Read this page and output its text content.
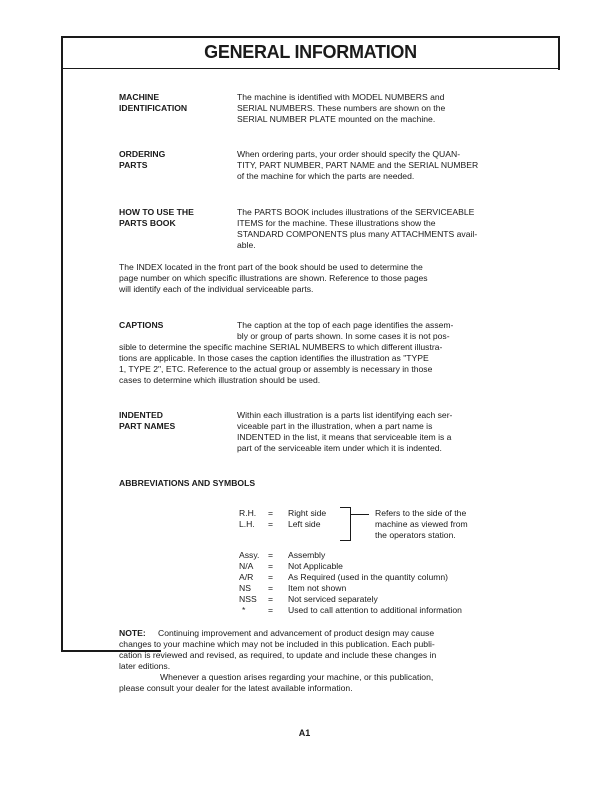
GENERAL INFORMATION
MACHINE
IDENTIFICATION
The machine is identified with MODEL NUMBERS and
SERIAL NUMBERS. These numbers are shown on the
SERIAL NUMBER PLATE mounted on the machine.
ORDERING
PARTS
When ordering parts, your order should specify the QUAN-
TITY, PART NUMBER, PART NAME and the SERIAL NUMBER
of the machine for which the parts are needed.
HOW TO USE THE
PARTS BOOK
The PARTS BOOK includes illustrations of the SERVICEABLE
ITEMS for the machine. These illustrations show the
STANDARD COMPONENTS plus many ATTACHMENTS avail-
able.
The INDEX located in the front part of the book should be used to determine the
page number on which specific illustrations are shown. Reference to those pages
will identify each of the individual serviceable parts.
CAPTIONS	The caption at the top of each page identifies the assem-
bly or group of parts shown. In some cases it is not pos-
sible to determine the specific machine SERIAL NUMBERS to which different illustra-
tions are applicable. In those cases the caption identifies the illustration as "TYPE
1, TYPE 2", ETC. Reference to the actual group or assembly is necessary in those
cases to determine which illustration should be used.
INDENTED
PART NAMES
Within each illustration is a parts list identifying each ser-
viceable part in the illustration, when a part name is
INDENTED in the list, it means that serviceable item is a
part of the serviceable item under which it is indented.
ABBREVIATIONS AND SYMBOLS
R.H. = Right side
L.H. = Left side
Refers to the side of the
machine as viewed from
the operators station.
Assy. = Assembly
N/A = Not Applicable
A/R = As Required (used in the quantity column)
NS = Item not shown
NSS = Not serviced separately
*	= Used to call attention to additional information
NOTE: Continuing improvement and advancement of product design may cause
changes to your machine which may not be included in this publication. Each publi-
cation is reviewed and revised, as required, to update and include these changes in
later editions.
Whenever a question arises regarding your machine, or this publication,
please consult your dealer for the latest available information.
A1
